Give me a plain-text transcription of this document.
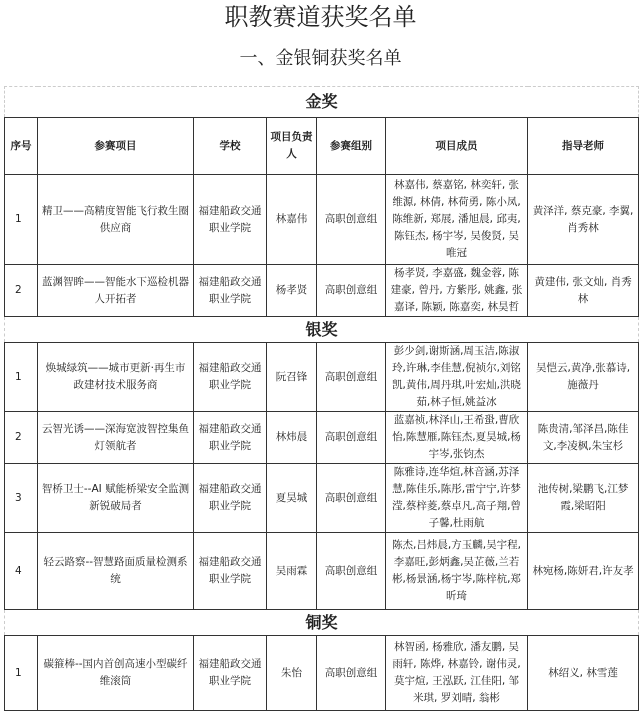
职教赛道获奖名单
一、金银铜获奖名单
金奖						
序号	参赛项目	学校	项目负责人	参赛组别	项目成员	指导老师
1	精卫——高精度智能飞行救生圈供应商	福建船政交通职业学院	林嘉伟	高职创意组	林嘉伟, 蔡嘉铭, 林奕轩, 张维源, 林倩, 林荷勇, 陈小凤, 陈维新, 郑展, 潘旭晨, 邱夷, 陈钰杰, 杨宇岑, 吴俊贤, 吴唯冠	黄泽洋, 蔡克豪, 李翼, 肖秀林
2	蓝渊智眸——智能水下巡检机器人开拓者	福建船政交通职业学院	杨孝贤	高职创意组	杨孝贤, 李嘉盛, 魏金蓉, 陈建豪, 曾丹, 方紫彤, 姚鑫, 张嘉译, 陈颖, 陈嘉奕, 林昊哲	黄建伟, 张文灿, 肖秀林
银奖						
1	焕城绿筑——城市更新·再生市政建材技术服务商	福建船政交通职业学院	阮召锋	高职创意组	彭少剑,谢斯涵,周玉洁,陈淑玲,许琳,李佳慧,倪祯尔,刘铭凯,黄伟,周丹琪,叶宏灿,洪晓茹,林子恒,姚益冰	吴恺云,黄净,张慕诗,施薇丹
2	云智光诱——深海宽波智控集鱼灯领航者	福建船政交通职业学院	林炜晨	高职创意组	蓝嘉祯,林泽山,王希蛩,曹欣怡,陈慧雁,陈钰杰,夏昊城,杨宇岑,张钧杰	陈贵清,邹泽昌,陈佳文,李凌枫,朱宝杉
3	智桥卫士--AI 赋能桥梁安全监测新锐破局者	福建船政交通职业学院	夏昊城	高职创意组	陈雅诗,连华煊,林音涵,苏泽慧,陈佳乐,陈彤,雷宁宁,许梦滢,蔡梓菱,蔡卓凡,高子翔,曾子馨,杜雨航	池传树,梁鹏飞,江梦霞,梁昭阳
4	轻云路察--智慧路面质量检测系统	福建船政交通职业学院	吴雨霖	高职创意组	陈杰,吕炜晨,方玉麟,吴宇程,李嘉旺,彭炳鑫,吴芷薇,兰若彬,杨景涵,杨宇岑,陈梓杭,郑昕琦	林宛杨,陈妍君,许友孝
铜奖						
1	碳箍棒--国内首创高速小型碳纤维滚筒	福建船政交通职业学院	朱怡	高职创意组	林智函, 杨雅欣, 潘友鹏, 吴雨轩, 陈烨, 林嘉铃, 谢伟灵, 莫宇煊, 王泓跃, 江佳阳, 邹米琪, 罗刘晴, 翁彬	林绍义, 林雪莲
